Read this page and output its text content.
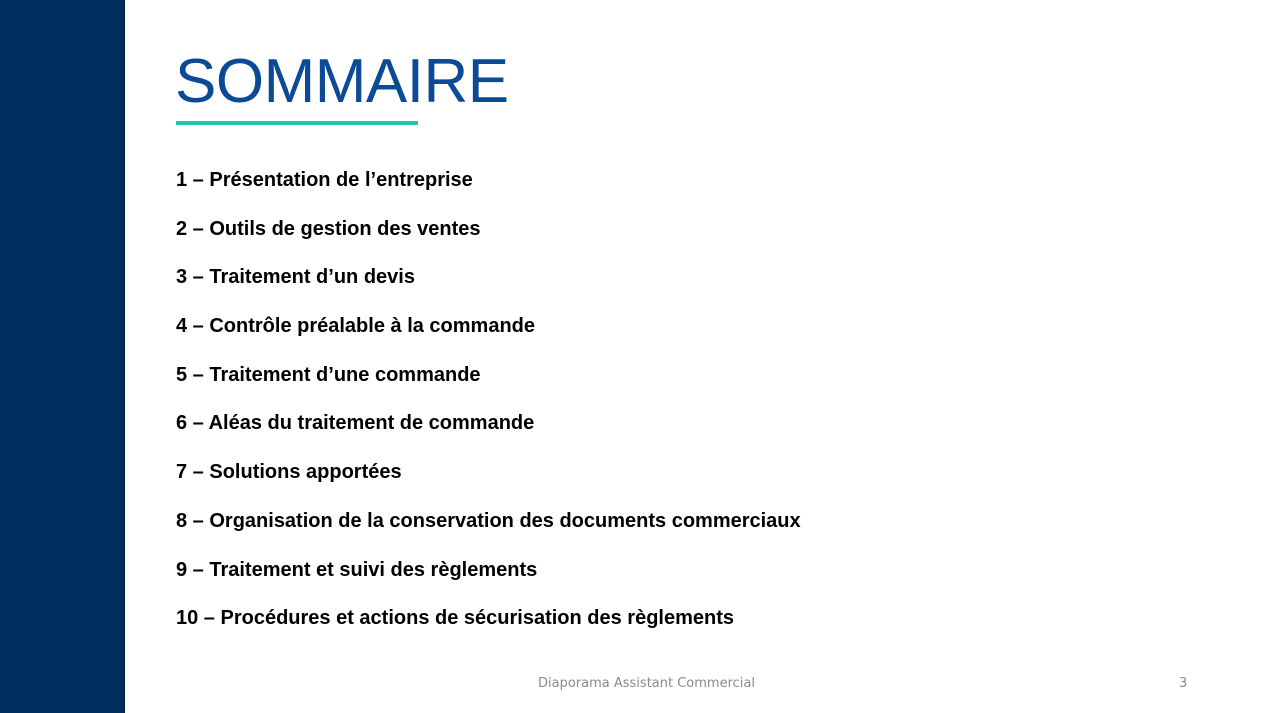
SOMMAIRE
1 – Présentation de l’entreprise
2 – Outils de gestion des ventes
3 – Traitement d’un devis
4 – Contrôle préalable à la commande
5 – Traitement d’une commande
6 – Aléas du traitement de commande
7 – Solutions apportées
8 – Organisation de la conservation des documents commerciaux
9 – Traitement et suivi des règlements
10 – Procédures et actions de sécurisation des règlements
Diaporama Assistant Commercial	3
